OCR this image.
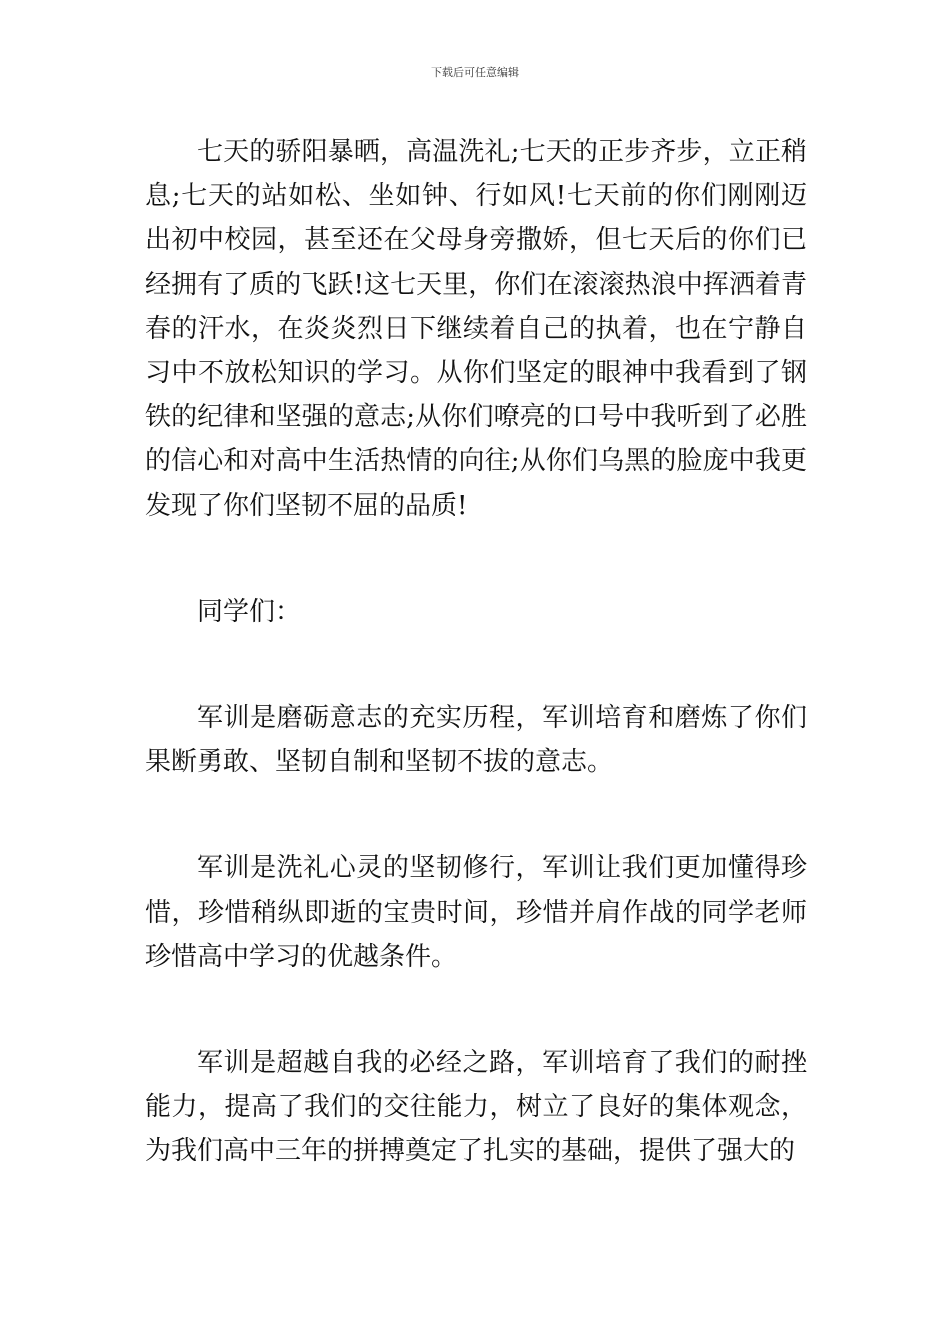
下载后可任意编辑

七天的骄阳暴晒，高温洗礼;七天的正步齐步，立正稍息;七天的站如松、坐如钟、行如风!七天前的你们刚刚迈出初中校园，甚至还在父母身旁撒娇，但七天后的你们已经拥有了质的飞跃!这七天里，你们在滚滚热浪中挥洒着青春的汗水，在炎炎烈日下继续着自己的执着，也在宁静自习中不放松知识的学习。从你们坚定的眼神中我看到了钢铁的纪律和坚强的意志;从你们嘹亮的口号中我听到了必胜的信心和对高中生活热情的向往;从你们乌黑的脸庞中我更发现了你们坚韧不屈的品质!

同学们：

军训是磨砺意志的充实历程，军训培育和磨炼了你们果断勇敢、坚韧自制和坚韧不拔的意志。

军训是洗礼心灵的坚韧修行，军训让我们更加懂得珍惜，珍惜稍纵即逝的宝贵时间，珍惜并肩作战的同学老师珍惜高中学习的优越条件。

军训是超越自我的必经之路，军训培育了我们的耐挫能力，提高了我们的交往能力，树立了良好的集体观念，为我们高中三年的拼搏奠定了扎实的基础，提供了强大的
